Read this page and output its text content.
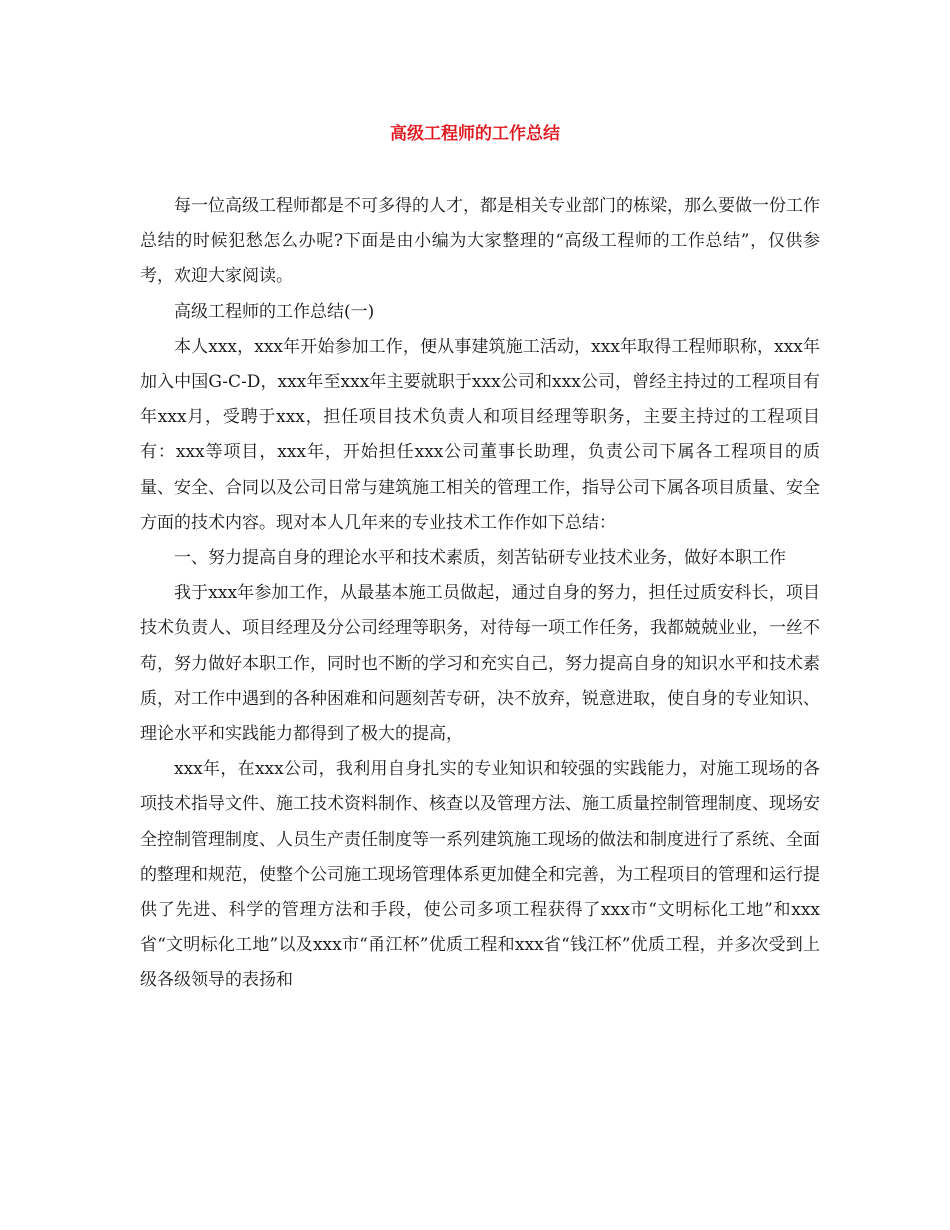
高级工程师的工作总结

每一位高级工程师都是不可多得的人才，都是相关专业部门的栋梁，那么要做一份工作总结的时候犯愁怎么办呢?下面是由小编为大家整理的“高级工程师的工作总结”，仅供参考，欢迎大家阅读。

高级工程师的工作总结(一)

本人xxx，xxx年开始参加工作，便从事建筑施工活动，xxx年取得工程师职称，xxx年加入中国G-C-D，xxx年至xxx年主要就职于xxx公司和xxx公司，曾经主持过的工程项目有年xxx月，受聘于xxx，担任项目技术负责人和项目经理等职务，主要主持过的工程项目有：xxx等项目，xxx年，开始担任xxx公司董事长助理，负责公司下属各工程项目的质量、安全、合同以及公司日常与建筑施工相关的管理工作，指导公司下属各项目质量、安全方面的技术内容。现对本人几年来的专业技术工作作如下总结：

一、努力提高自身的理论水平和技术素质，刻苦钻研专业技术业务，做好本职工作

我于xxx年参加工作，从最基本施工员做起，通过自身的努力，担任过质安科长，项目技术负责人、项目经理及分公司经理等职务，对待每一项工作任务，我都兢兢业业，一丝不苟，努力做好本职工作，同时也不断的学习和充实自己，努力提高自身的知识水平和技术素质，对工作中遇到的各种困难和问题刻苦专研，决不放弃，锐意进取，使自身的专业知识、理论水平和实践能力都得到了极大的提高，

xxx年，在xxx公司，我利用自身扎实的专业知识和较强的实践能力，对施工现场的各项技术指导文件、施工技术资料制作、核查以及管理方法、施工质量控制管理制度、现场安全控制管理制度、人员生产责任制度等一系列建筑施工现场的做法和制度进行了系统、全面的整理和规范，使整个公司施工现场管理体系更加健全和完善，为工程项目的管理和运行提供了先进、科学的管理方法和手段，使公司多项工程获得了xxx市“文明标化工地”和xxx省“文明标化工地”以及xxx市“甬江杯”优质工程和xxx省“钱江杯”优质工程，并多次受到上级各级领导的表扬和
